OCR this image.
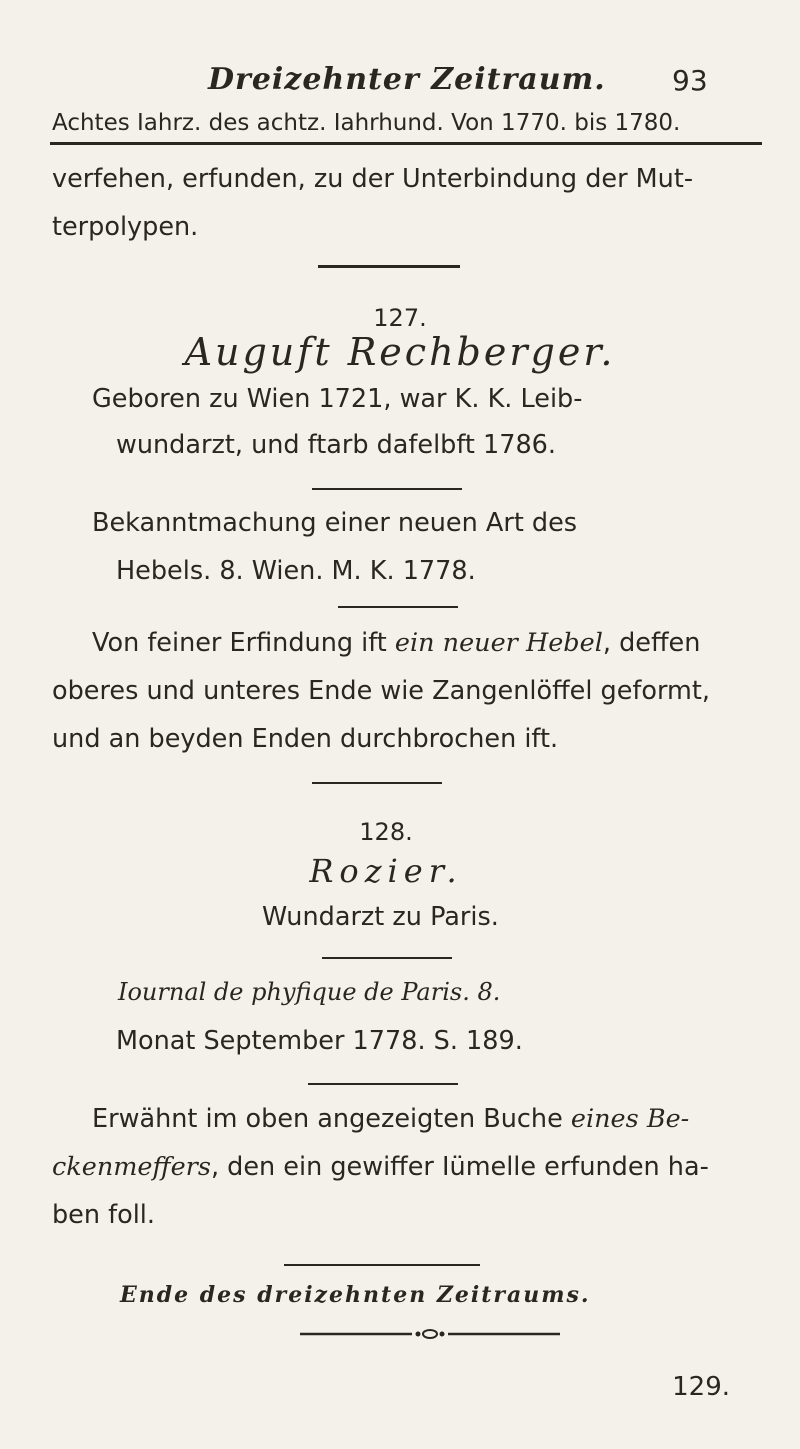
Dreizehnter Zeitraum. 93
Achtes Iahrz. des achtz. Iahrhund. Von 1770. bis 1780.
verfehen, erfunden, zu der Unterbindung der Mut-
terpolypen.
127.
Auguft Rechberger.
Geboren zu Wien 1721, war K. K. Leib-
wundarzt, und ftarb dafelbft 1786.
Bekanntmachung einer neuen Art des
Hebels. 8. Wien. M. K. 1778.
Von feiner Erfindung ift ein neuer Hebel, deffen
oberes und unteres Ende wie Zangenlöffel geformt,
und an beyden Enden durchbrochen ift.
128.
Rozier.
Wundarzt zu Paris.
Iournal de phyfique de Paris. 8.
Monat September 1778. S. 189.
Erwähnt im oben angezeigten Buche eines Be-
ckenmeffers, den ein gewiffer Iümelle erfunden ha-
ben foll.
Ende des dreizehnten Zeitraums.
129.
